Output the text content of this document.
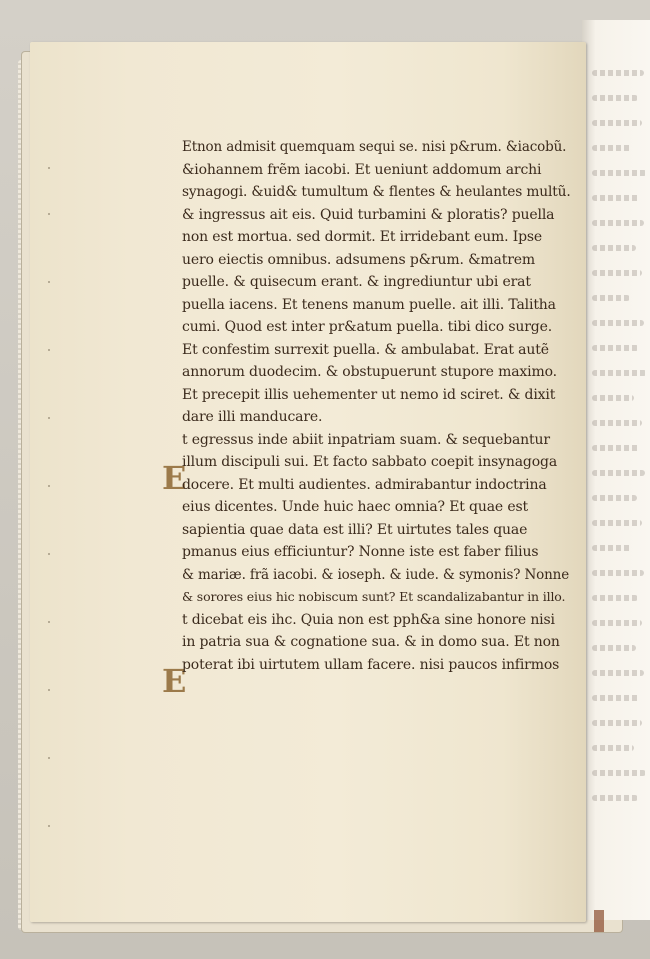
E
E
Etnon admisit quemquam sequi se. nisi p&rum. &iacobũ.
&iohannem frẽm iacobi. Et ueniunt addomum archi
synagogi. &uid& tumultum & flentes & heulantes multũ.
& ingressus ait eis. Quid turbamini & ploratis? puella
non est mortua. sed dormit. Et irridebant eum. Ipse
uero eiectis omnibus. adsumens p&rum. &matrem
puelle. & quisecum erant. & ingrediuntur ubi erat
puella iacens. Et tenens manum puelle. ait illi. Talitha
cumi. Quod est inter pr&atum puella. tibi dico surge.
Et confestim surrexit puella. & ambulabat. Erat autẽ
annorum duodecim. & obstupuerunt stupore maximo.
Et precepit illis uehementer ut nemo id sciret. & dixit
dare illi manducare.
t egressus inde abiit inpatriam suam. & sequebantur
illum discipuli sui. Et facto sabbato coepit insynagoga
docere. Et multi audientes. admirabantur indoctrina
eius dicentes. Unde huic haec omnia? Et quae est
sapientia quae data est illi? Et uirtutes tales quae
pmanus eius efficiuntur? Nonne iste est faber filius
& mariæ. frã iacobi. & ioseph. & iude. & symonis? Nonne
& sorores eius hic nobiscum sunt? Et scandalizabantur in illo.
t dicebat eis ihc. Quia non est pph&a sine honore nisi
in patria sua & cognatione sua. & in domo sua. Et non
poterat ibi uirtutem ullam facere. nisi paucos infirmos
